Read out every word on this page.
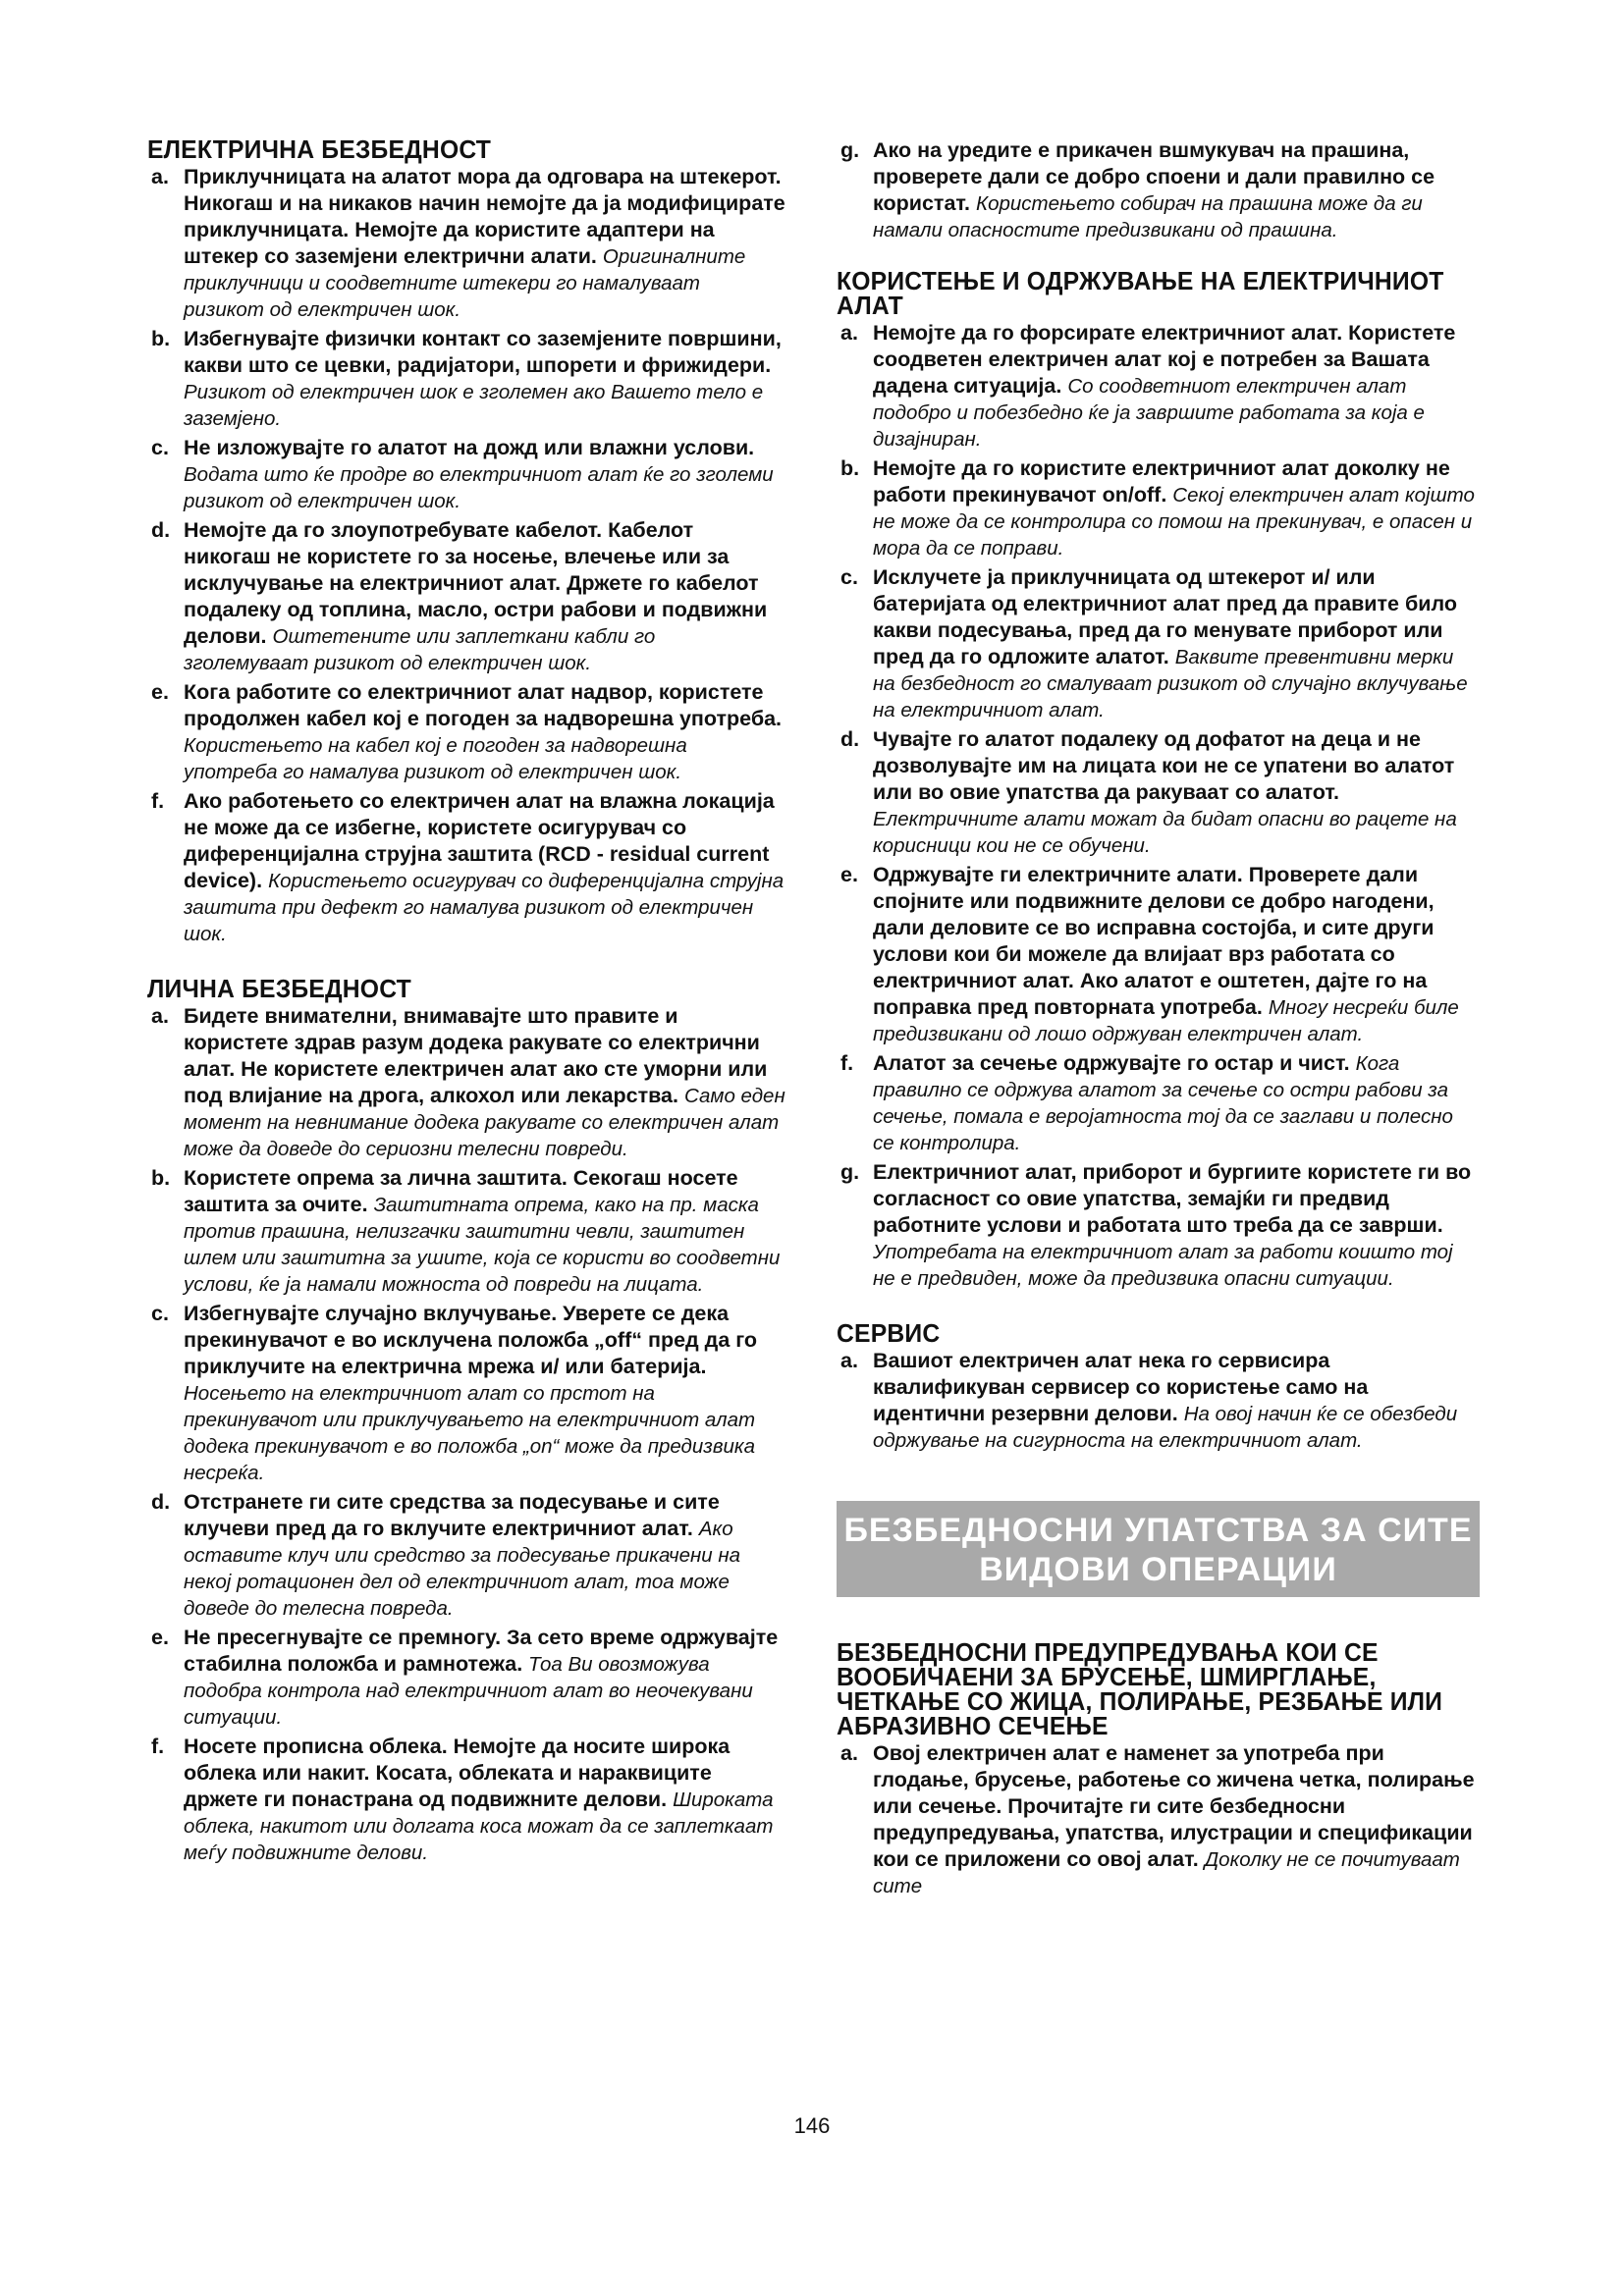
ЕЛЕКТРИЧНА БЕЗБЕДНОСТ
a. Приклучницата на алатот мора да одговара на штекерот. Никогаш и на никаков начин немојте да ја модифицирате приклучницата. Немојте да користите адаптери на штекер со заземјени електрични алати. Оригиналните приклучници и соодветните штекери го намалуваат ризикот од електричен шок.
b. Избегнувајте физички контакт со заземјените површини, какви што се цевки, радијатори, шпорети и фрижидери. Ризикот од електричен шок е зголемен ако Вашето тело е заземјено.
c. Не изложувајте го алатот на дожд или влажни услови. Водата што ќе продре во електричниот алат ќе го зголеми ризикот од електричен шок.
d. Немојте да го злоупотребувате кабелот. Кабелот никогаш не користете го за носење, влечење или за исклучување на електричниот алат. Држете го кабелот подалеку од топлина, масло, остри рабови и подвижни делови. Оштетените или заплеткани кабли го зголемуваат ризикот од електричен шок.
e. Кога работите со електричниот алат надвор, користете продолжен кабел кој е погоден за надворешна употреба. Користењето на кабел кој е погоден за надворешна употреба го намалува ризикот од електричен шок.
f. Ако работењето со електричен алат на влажна локација не може да се избегне, користете осигурувач со диференцијална струјна заштита (RCD - residual current device). Користењето осигурувач со диференцијална струјна заштита при дефект го намалува ризикот од електричен шок.
ЛИЧНА БЕЗБЕДНОСТ
a. Бидете внимателни, внимавајте што правите и користете здрав разум додека ракувате со електрични алат. Не користете електричен алат ако сте уморни или под влијание на дрога, алкохол или лекарства. Само еден момент на невнимание додека ракувате со електричен алат може да доведе до сериозни телесни повреди.
b. Користете опрема за лична заштита. Секогаш носете заштита за очите. Заштитната опрема, како на пр. маска против прашина, нелизгачки заштитни чевли, заштитен шлем или заштитна за ушите, која се користи во соодветни услови, ќе ја намали можноста од повреди на лицата.
c. Избегнувајте случајно вклучување. Уверете се дека прекинувачот е во исклучена положба „off“ пред да го приклучите на електрична мрежа и/ или батерија. Носењето на електричниот алат со прстот на прекинувачот или приклучувањето на електричниот алат додека прекинувачот е во положба „on“ може да предизвика несреќа.
d. Отстранете ги сите средства за подесување и сите клучеви пред да го вклучите електричниот алат. Ако оставите клуч или средство за подесување прикачени на некој ротационен дел од електричниот алат, тоа може доведе до телесна повреда.
e. Не пресегнувајте се премногу. За сето време одржувајте стабилна положба и рамнотежа. Тоа Ви овозможува подобра контрола над електричниот алат во неочекувани ситуации.
f. Носете прописна облека. Немојте да носите широка облека или накит. Косата, облеката и нараквиците држете ги понастрана од подвижните делови. Широката облека, накитот или долгата коса можат да се заплеткаат меѓу подвижните делови.
g. Ако на уредите е прикачен вшмукувач на прашина, проверете дали се добро споени и дали правилно се користат. Користењето собирач на прашина може да ги намали опасностите предизвикани од прашина.
КОРИСТЕЊЕ И ОДРЖУВАЊЕ НА ЕЛЕКТРИЧНИОТ АЛАТ
a. Немојте да го форсирате електричниот алат. Користете соодветен електричен алат кој е потребен за Вашата дадена ситуација. Со соодветниот електричен алат подобро и побезбедно ќе ја завршите работата за која е дизајниран.
b. Немојте да го користите електричниот алат доколку не работи прекинувачот on/off. Секој електричен алат којшто не може да се контролира со помош на прекинувач, е опасен и мора да се поправи.
c. Исклучете ја приклучницата од штекерот и/ или батеријата од електричниот алат пред да правите било какви подесувања, пред да го менувате приборот или пред да го одложите алатот. Ваквите превентивни мерки на безбедност го смалуваат ризикот од случајно вклучување на електричниот алат.
d. Чувајте го алатот подалеку од дофатот на деца и не дозволувајте им на лицата кои не се упатени во алатот или во овие упатства да ракуваат со алатот. Електричните алати можат да бидат опасни во рацете на корисници кои не се обучени.
e. Одржувајте ги електричните алати. Проверете дали спојните или подвижните делови се добро нагодени, дали деловите се во исправна состојба, и сите други услови кои би можеле да влијаат врз работата со електричниот алат. Ако алатот е оштетен, дајте го на поправка пред повторната употреба. Многу несреќи биле предизвикани од лошо одржуван електричен алат.
f. Алатот за сечење одржувајте го остар и чист. Кога правилно се одржува алатот за сечење со остри рабови за сечење, помала е веројатноста тој да се заглави и полесно се контролира.
g. Електричниот алат, приборот и бургиите користете ги во согласност со овие упатства, земајќи ги предвид работните услови и работата што треба да се заврши. Употребата на електричниот алат за работи коишто тој не е предвиден, може да предизвика опасни ситуации.
СЕРВИС
a. Вашиот електричен алат нека го сервисира квалификуван сервисер со користење само на идентични резервни делови. На овој начин ќе се обезбеди одржување на сигурноста на електричниот алат.
БЕЗБЕДНОСНИ УПАТСТВА ЗА СИТЕ ВИДОВИ ОПЕРАЦИИ
БЕЗБЕДНОСНИ ПРЕДУПРЕДУВАЊА КОИ СЕ ВООБИЧАЕНИ ЗА БРУСЕЊЕ, ШМИРГЛАЊЕ, ЧЕТКАЊЕ СО ЖИЦА, ПОЛИРАЊЕ, РЕЗБАЊЕ ИЛИ АБРАЗИВНО СЕЧЕЊЕ
a. Овој електричен алат е наменет за употреба при глодање, брусење, работење со жичена четка, полирање или сечење. Прочитајте ги сите безбедносни предупредувања, упатства, илустрации и спецификации кои се приложени со овој алат. Доколку не се почитуваат сите
146
